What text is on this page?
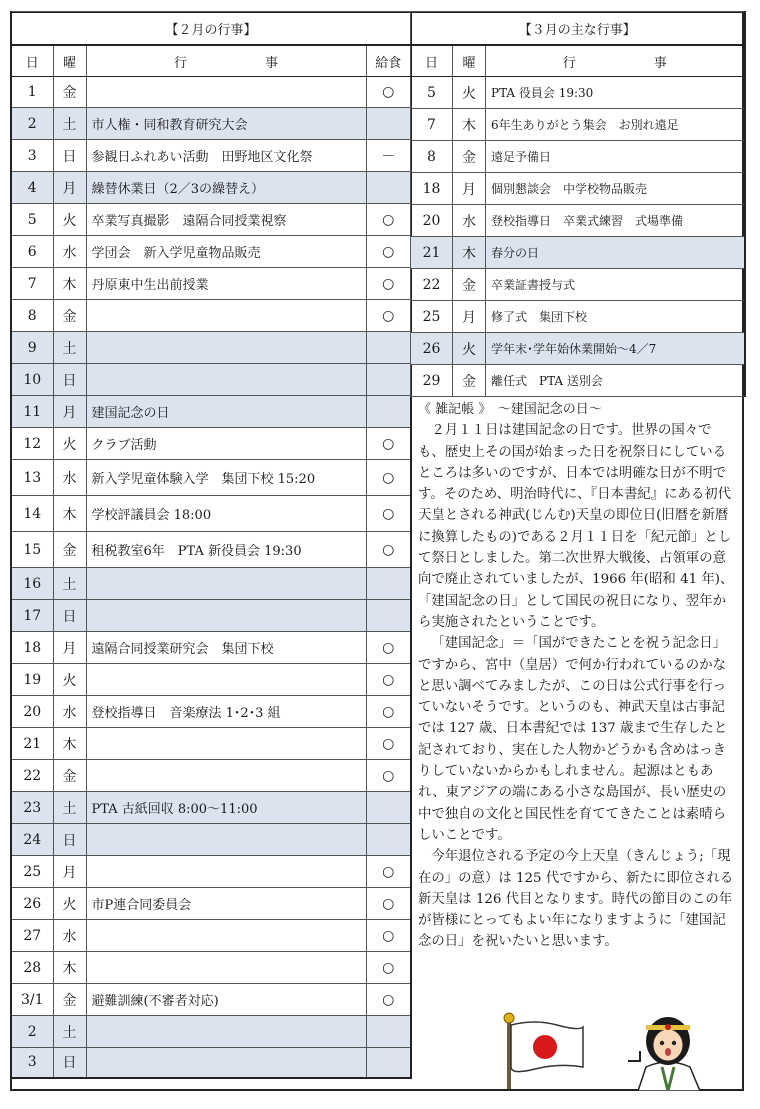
【２月の行事】			
日	曜	行　　　　　　事	給食
1	金		○
2	土	市人権・同和教育研究大会	
3	日	参観日ふれあい活動　田野地区文化祭	－
4	月	繰替休業日（2／3の繰替え）	
5	火	卒業写真撮影　遠隔合同授業視察	○
6	水	学団会　新入学児童物品販売	○
7	木	丹原東中生出前授業	○
8	金		○
9	土		
10	日		
11	月	建国記念の日	
12	火	クラブ活動	○
13	水	新入学児童体験入学　集団下校 15:20	○
14	木	学校評議員会 18:00	○
15	金	租税教室6年　PTA 新役員会 19:30	○
16	土		
17	日		
18	月	遠隔合同授業研究会　集団下校	○
19	火		○
20	水	登校指導日　音楽療法 1･2･3 組	○
21	木		○
22	金		○
23	土	PTA 古紙回収 8:00～11:00	
24	日		
25	月		○
26	火	市P連合同委員会	○
27	水		○
28	木		○
3/1	金	避難訓練(不審者対応)	○
2	土		
3	日		
【３月の主な行事】		
日	曜	行　　　　　　事
5	火	PTA 役員会 19:30
7	木	6年生ありがとう集会　お別れ遠足
8	金	遠足予備日
18	月	個別懇談会　中学校物品販売
20	水	登校指導日　卒業式練習　式場準備
21	木	春分の日
22	金	卒業証書授与式
25	月	修了式　集団下校
26	火	学年末･学年始休業開始～4／7
29	金	離任式　PTA 送別会

《 雑記帳 》　～建国記念の日～

２月１１日は建国記念の日です。世界の国々でも、歴史上その国が始まった日を祝祭日にしているところは多いのですが、日本では明確な日が不明です。そのため、明治時代に、『日本書紀』にある初代天皇とされる神武(じんむ)天皇の即位日(旧暦を新暦に換算したもの)である２月１１日を「紀元節」として祭日としました。第二次世界大戦後、占領軍の意向で廃止されていましたが、1966 年(昭和 41 年)、「建国記念の日」として国民の祝日になり、翌年から実施されたということです。

「建国記念」＝「国ができたことを祝う記念日」ですから、宮中（皇居）で何か行われているのかなと思い調べてみましたが、この日は公式行事を行っていないそうです。というのも、神武天皇は古事記では 127 歳、日本書紀では 137 歳まで生存したと記されており、実在した人物かどうかも含めはっきりしていないからかもしれません。起源はともあれ、東アジアの端にある小さな島国が、長い歴史の中で独自の文化と国民性を育ててきたことは素晴らしいことです。

今年退位される予定の今上天皇（きんじょう;「現在の」の意）は 125 代ですから、新たに即位される新天皇は 126 代目となります。時代の節目のこの年が皆様にとってもよい年になりますように「建国記念の日」を祝いたいと思います。
